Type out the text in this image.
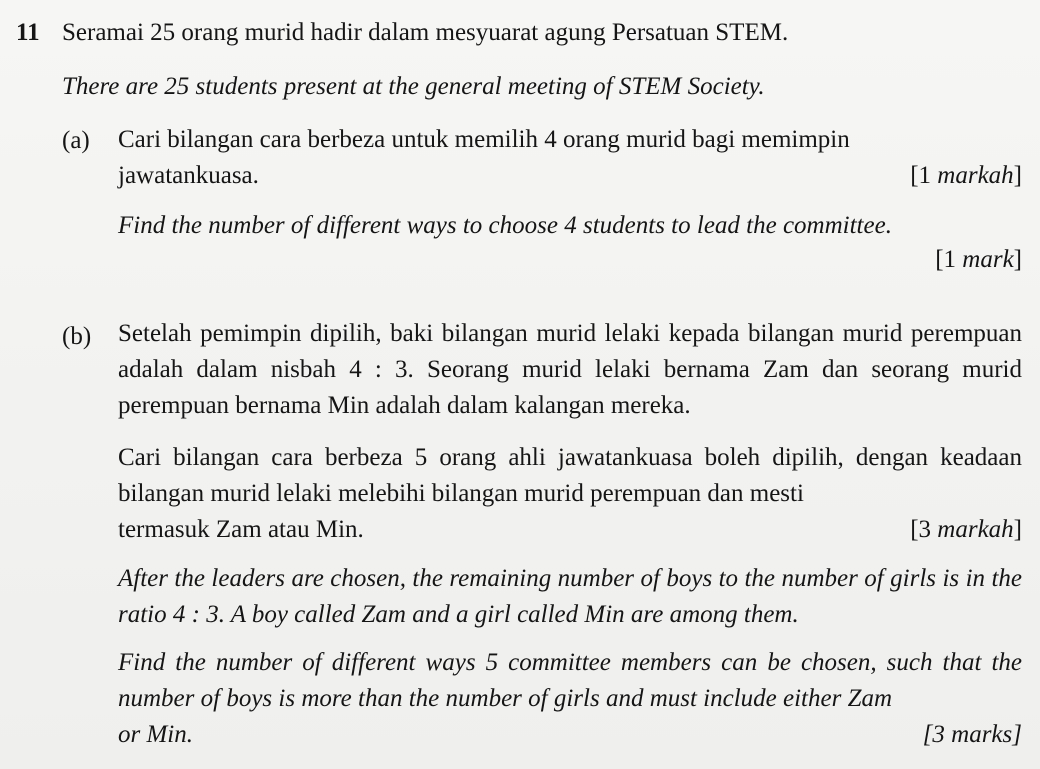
11 Seramai 25 orang murid hadir dalam mesyuarat agung Persatuan STEM.
There are 25 students present at the general meeting of STEM Society.
(a) Cari bilangan cara berbeza untuk memilih 4 orang murid bagi memimpin
jawatankuasa.	[1 markah]
Find the number of different ways to choose 4 students to lead the committee.
[1 mark]
(b) Setelah pemimpin dipilih, baki bilangan murid lelaki kepada bilangan murid perempuan adalah dalam nisbah 4 : 3. Seorang murid lelaki bernama Zam dan seorang murid perempuan bernama Min adalah dalam kalangan mereka.
Cari bilangan cara berbeza 5 orang ahli jawatankuasa boleh dipilih, dengan keadaan bilangan murid lelaki melebihi bilangan murid perempuan dan mesti
termasuk Zam atau Min.	[3 markah]
After the leaders are chosen, the remaining number of boys to the number of girls is in the ratio 4 : 3. A boy called Zam and a girl called Min are among them.
Find the number of different ways 5 committee members can be chosen, such that the number of boys is more than the number of girls and must include either Zam
or Min.	[3 marks]
